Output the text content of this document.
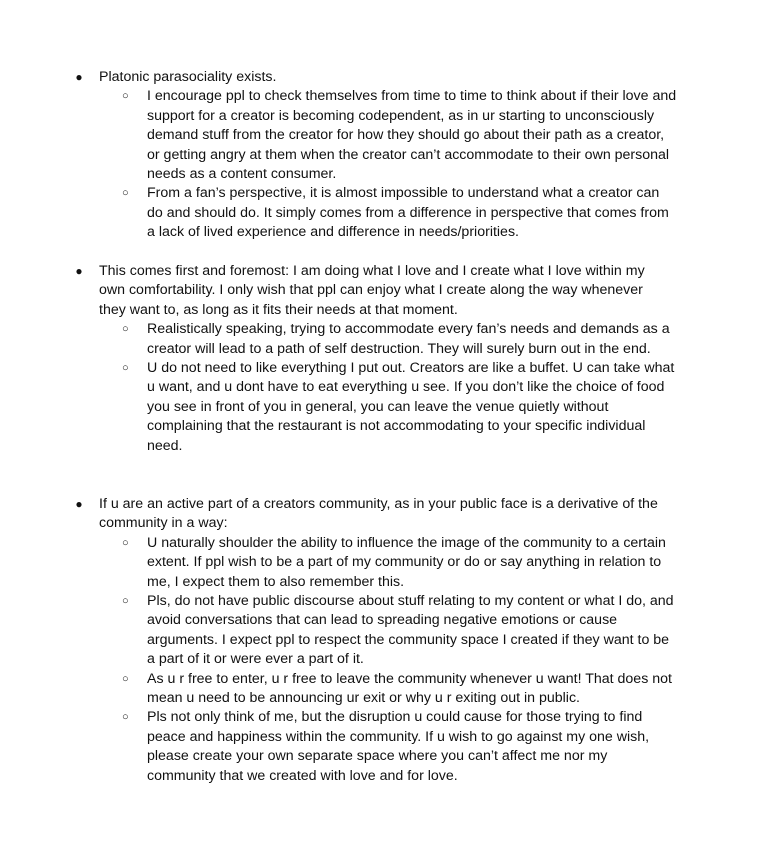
● Platonic parasociality exists.
○ I encourage ppl to check themselves from time to time to think about if their love and support for a creator is becoming codependent, as in ur starting to unconsciously demand stuff from the creator for how they should go about their path as a creator, or getting angry at them when the creator can’t accommodate to their own personal needs as a content consumer.
○ From a fan’s perspective, it is almost impossible to understand what a creator can do and should do. It simply comes from a difference in perspective that comes from a lack of lived experience and difference in needs/priorities.
● This comes first and foremost: I am doing what I love and I create what I love within my own comfortability. I only wish that ppl can enjoy what I create along the way whenever they want to, as long as it fits their needs at that moment.
○ Realistically speaking, trying to accommodate every fan’s needs and demands as a creator will lead to a path of self destruction. They will surely burn out in the end.
○ U do not need to like everything I put out. Creators are like a buffet. U can take what u want, and u dont have to eat everything u see. If you don’t like the choice of food you see in front of you in general, you can leave the venue quietly without complaining that the restaurant is not accommodating to your specific individual need.
● If u are an active part of a creators community, as in your public face is a derivative of the community in a way:
○ U naturally shoulder the ability to influence the image of the community to a certain extent. If ppl wish to be a part of my community or do or say anything in relation to me, I expect them to also remember this.
○ Pls, do not have public discourse about stuff relating to my content or what I do, and avoid conversations that can lead to spreading negative emotions or cause arguments. I expect ppl to respect the community space I created if they want to be a part of it or were ever a part of it.
○ As u r free to enter, u r free to leave the community whenever u want! That does not mean u need to be announcing ur exit or why u r exiting out in public.
○ Pls not only think of me, but the disruption u could cause for those trying to find peace and happiness within the community. If u wish to go against my one wish, please create your own separate space where you can’t affect me nor my community that we created with love and for love.
